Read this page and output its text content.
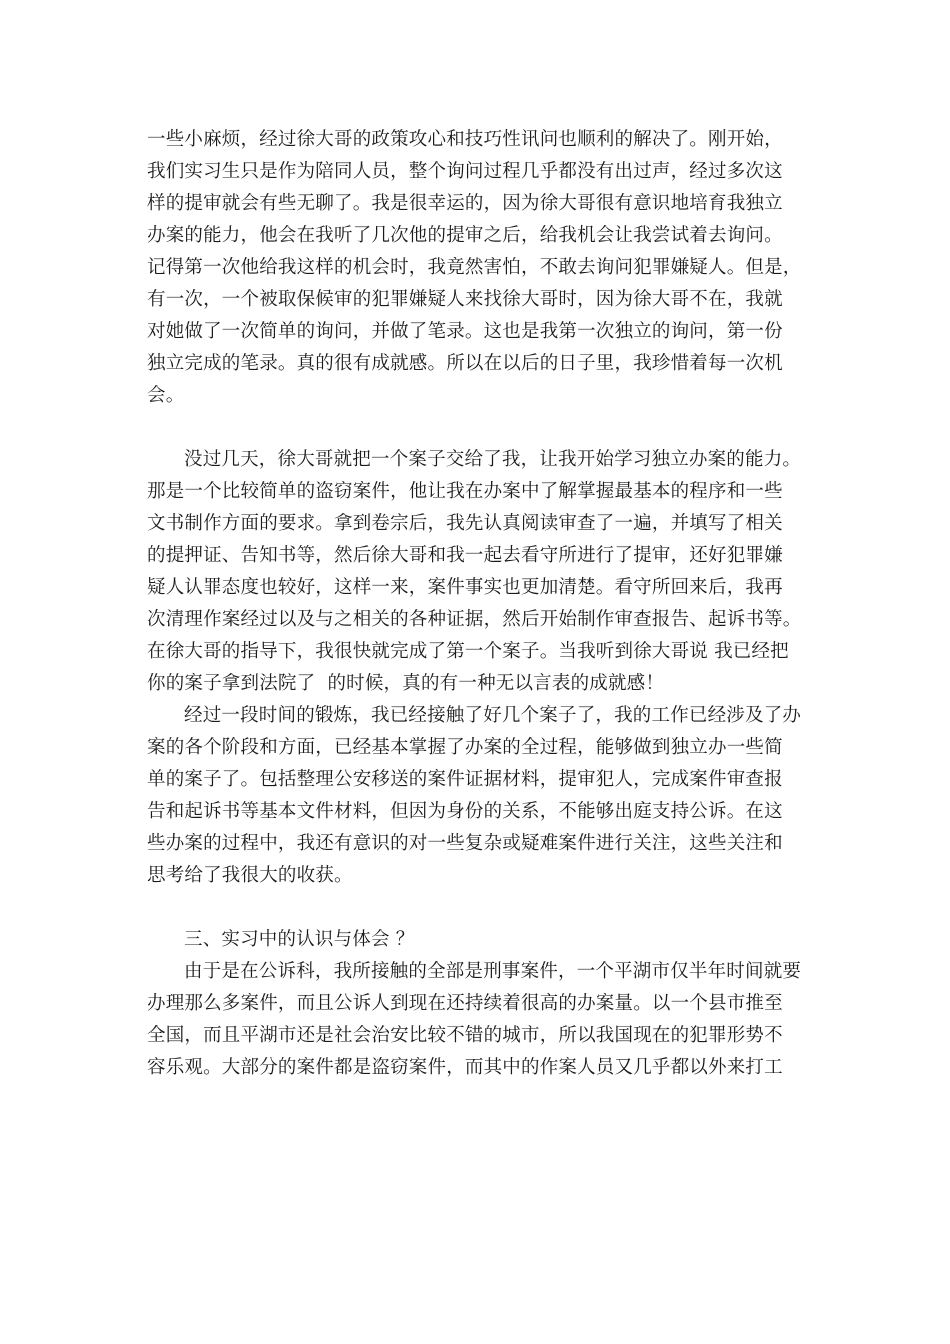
一些小麻烦，经过徐大哥的政策攻心和技巧性讯问也顺利的解决了。刚开始，
我们实习生只是作为陪同人员，整个询问过程几乎都没有出过声，经过多次这
样的提审就会有些无聊了。我是很幸运的，因为徐大哥很有意识地培育我独立
办案的能力，他会在我听了几次他的提审之后，给我机会让我尝试着去询问。
记得第一次他给我这样的机会时，我竟然害怕，不敢去询问犯罪嫌疑人。但是，
有一次，一个被取保候审的犯罪嫌疑人来找徐大哥时，因为徐大哥不在，我就
对她做了一次简单的询问，并做了笔录。这也是我第一次独立的询问，第一份
独立完成的笔录。真的很有成就感。所以在以后的日子里，我珍惜着每一次机
会。
没过几天，徐大哥就把一个案子交给了我，让我开始学习独立办案的能力。
那是一个比较简单的盗窃案件，他让我在办案中了解掌握最基本的程序和一些
文书制作方面的要求。拿到卷宗后，我先认真阅读审查了一遍，并填写了相关
的提押证、告知书等，然后徐大哥和我一起去看守所进行了提审，还好犯罪嫌
疑人认罪态度也较好，这样一来，案件事实也更加清楚。看守所回来后，我再
次清理作案经过以及与之相关的各种证据，然后开始制作审查报告、起诉书等。
在徐大哥的指导下，我很快就完成了第一个案子。当我听到徐大哥说 我已经把
你的案子拿到法院了  的时候，真的有一种无以言表的成就感！
经过一段时间的锻炼，我已经接触了好几个案子了，我的工作已经涉及了办
案的各个阶段和方面，已经基本掌握了办案的全过程，能够做到独立办一些简
单的案子了。包括整理公安移送的案件证据材料，提审犯人，完成案件审查报
告和起诉书等基本文件材料，但因为身份的关系，不能够出庭支持公诉。在这
些办案的过程中，我还有意识的对一些复杂或疑难案件进行关注，这些关注和
思考给了我很大的收获。
三、实习中的认识与体会 ？
由于是在公诉科，我所接触的全部是刑事案件，一个平湖市仅半年时间就要
办理那么多案件，而且公诉人到现在还持续着很高的办案量。以一个县市推至
全国，而且平湖市还是社会治安比较不错的城市，所以我国现在的犯罪形势不
容乐观。大部分的案件都是盗窃案件，而其中的作案人员又几乎都以外来打工
